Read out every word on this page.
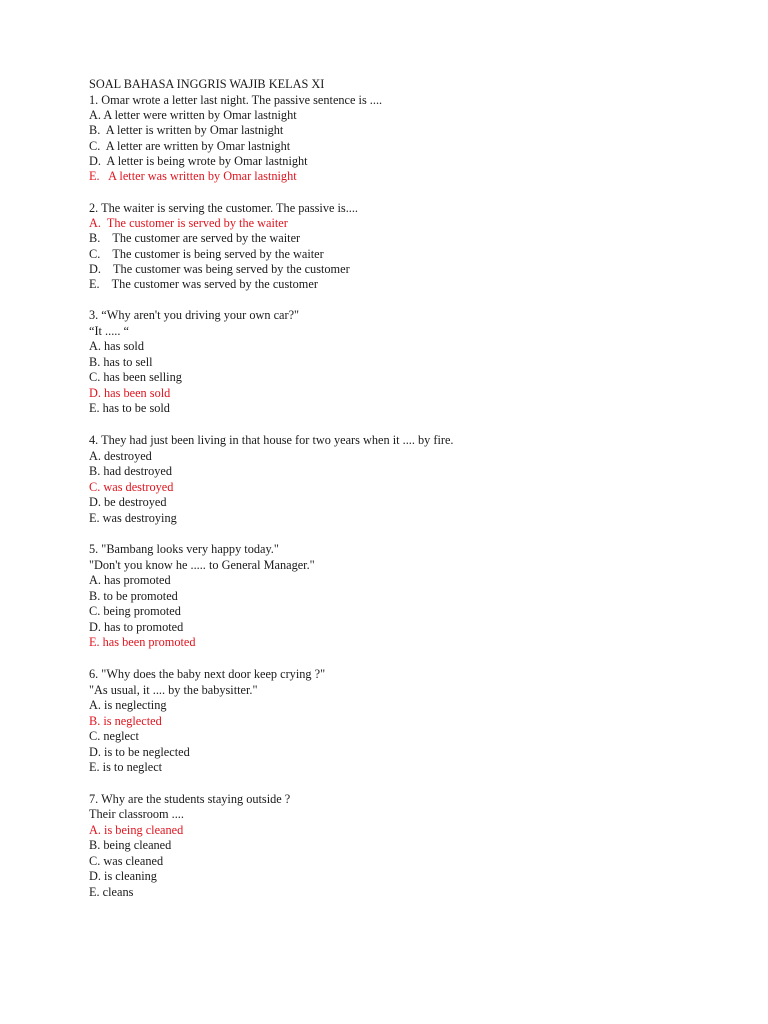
SOAL BAHASA INGGRIS WAJIB KELAS XI
1. Omar wrote a letter last night. The passive sentence is ....
A. A letter were written by Omar lastnight
B.  A letter is written by Omar lastnight
C.  A letter are written by Omar lastnight
D.  A letter is being wrote by Omar lastnight
E.   A letter was written by Omar lastnight
2. The waiter is serving the customer. The passive is....
A.  The customer is served by the waiter
B.    The customer are served by the waiter
C.    The customer is being served by the waiter
D.    The customer was being served by the customer
E.    The customer was served by the customer
3. “Why aren't you driving your own car?"
“It ..... “
A. has sold
B. has to sell
C. has been selling
D. has been sold
E. has to be sold
4. They had just been living in that house for two years when it .... by fire.
A. destroyed
B. had destroyed
C. was destroyed
D. be destroyed
E. was destroying
5. "Bambang looks very happy today."
"Don't you know he ..... to General Manager."
A. has promoted
B. to be promoted
C. being promoted
D. has to promoted
E. has been promoted
6. "Why does the baby next door keep crying ?"
"As usual, it .... by the babysitter."
A. is neglecting
B. is neglected
C. neglect
D. is to be neglected
E. is to neglect
7. Why are the students staying outside ?
Their classroom ....
A. is being cleaned
B. being cleaned
C. was cleaned
D. is cleaning
E. cleans
